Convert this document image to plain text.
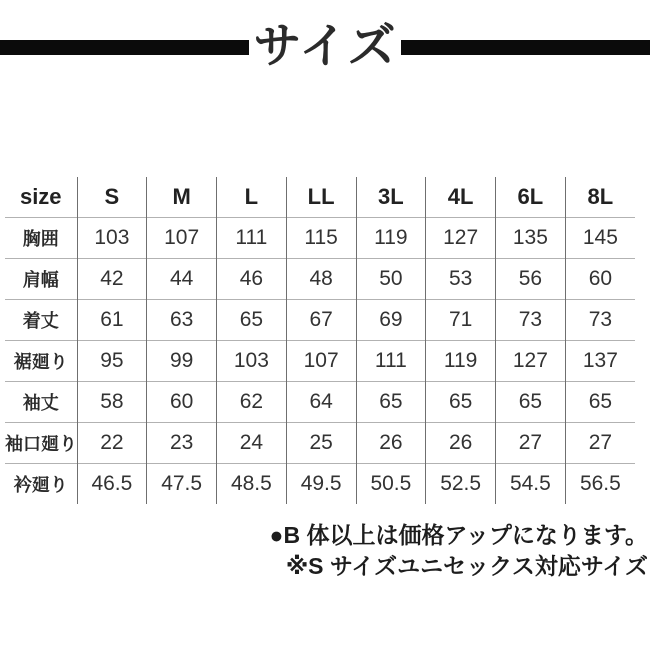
サイズ
size	S	M	L	LL	3L	4L	6L	8L
胸囲	103	107	111	115	119	127	135	145
肩幅	42	44	46	48	50	53	56	60
着丈	61	63	65	67	69	71	73	73
裾廻り	95	99	103	107	111	119	127	137
袖丈	58	60	62	64	65	65	65	65
袖口廻り	22	23	24	25	26	26	27	27
衿廻り	46.5	47.5	48.5	49.5	50.5	52.5	54.5	56.5
●B 体以上は価格アップになります。
※S サイズユニセックス対応サイズ
